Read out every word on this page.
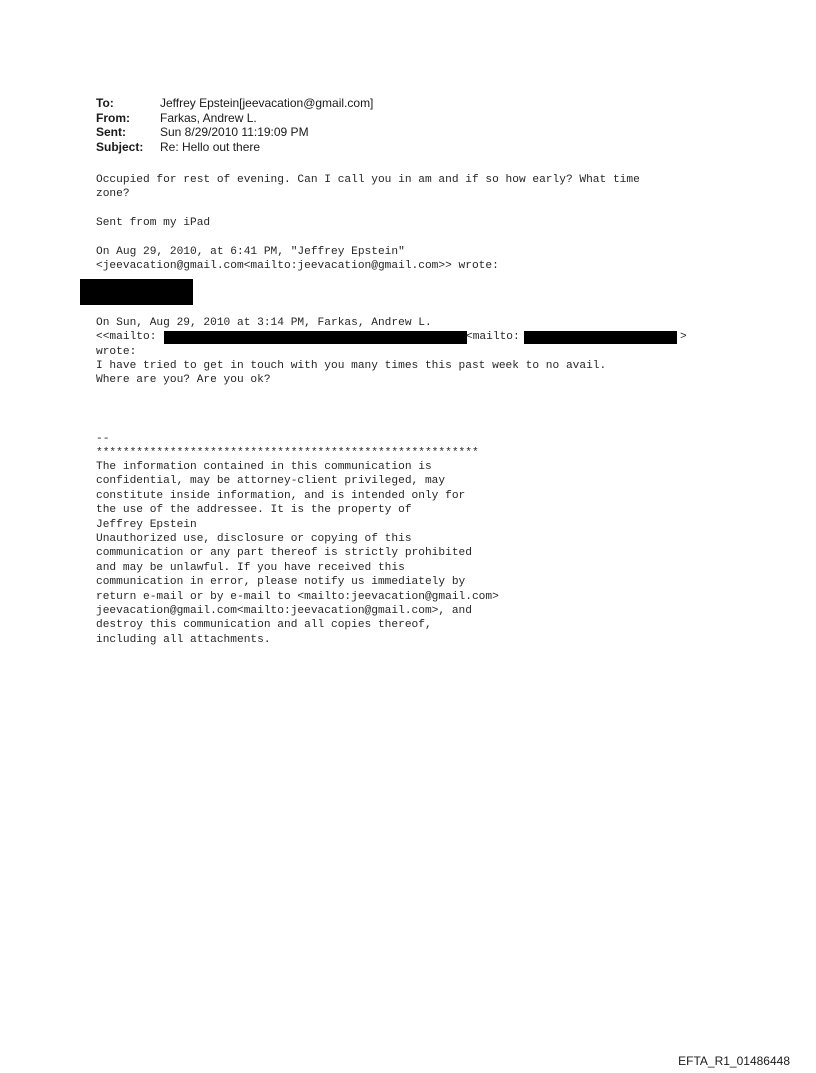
To:	Jeffrey Epstein[jeevacation@gmail.com]
From:	Farkas, Andrew L.
Sent:	Sun 8/29/2010 11:19:09 PM
Subject:	Re: Hello out there
Occupied for rest of evening. Can I call you in am and if so how early? What time
zone?
Sent from my iPad
On Aug 29, 2010, at 6:41 PM, "Jeffrey Epstein"
<jeevacation@gmail.com<mailto:jeevacation@gmail.com>> wrote:
On Sun, Aug 29, 2010 at 3:14 PM, Farkas, Andrew L.
<<mailto:	<mailto:	>
wrote:
I have tried to get in touch with you many times this past week to no avail.
Where are you? Are you ok?
--
*********************************************************
The information contained in this communication is
confidential, may be attorney-client privileged, may
constitute inside information, and is intended only for
the use of the addressee. It is the property of
Jeffrey Epstein
Unauthorized use, disclosure or copying of this
communication or any part thereof is strictly prohibited
and may be unlawful. If you have received this
communication in error, please notify us immediately by
return e-mail or by e-mail to <mailto:jeevacation@gmail.com>
jeevacation@gmail.com<mailto:jeevacation@gmail.com>, and
destroy this communication and all copies thereof,
including all attachments.
EFTA_R1_01486448
